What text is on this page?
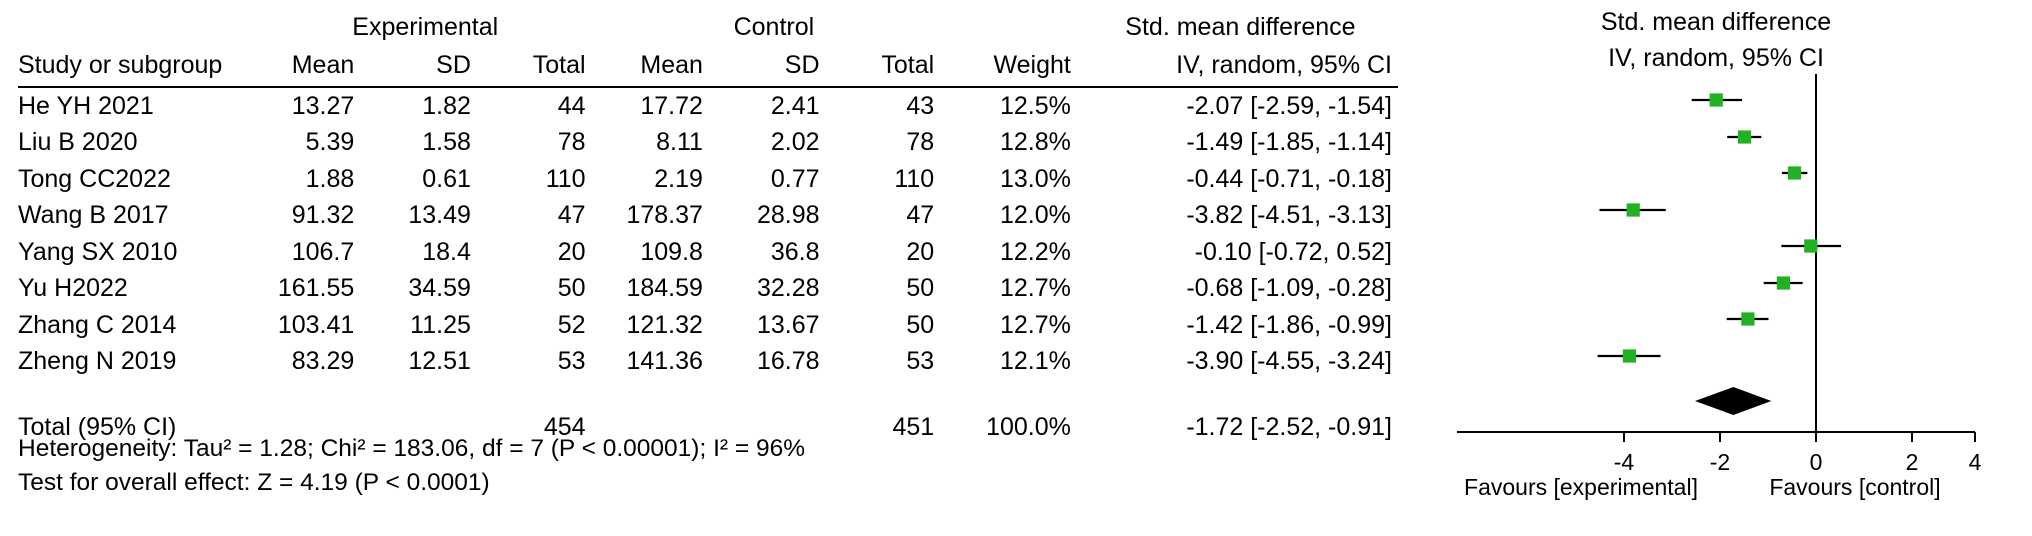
	Experimental			Control				Std. mean difference
Study or subgroup	Mean	SD	Total	Mean	SD	Total	Weight	IV, random, 95% CI

He YH 2021	13.27	1.82	44	17.72	2.41	43	12.5%	-2.07 [-2.59, -1.54]
Liu B 2020	5.39	1.58	78	8.11	2.02	78	12.8%	-1.49 [-1.85, -1.14]
Tong CC2022	1.88	0.61	110	2.19	0.77	110	13.0%	-0.44 [-0.71, -0.18]
Wang B 2017	91.32	13.49	47	178.37	28.98	47	12.0%	-3.82 [-4.51, -3.13]
Yang SX 2010	106.7	18.4	20	109.8	36.8	20	12.2%	-0.10 [-0.72, 0.52]
Yu H2022	161.55	34.59	50	184.59	32.28	50	12.7%	-0.68 [-1.09, -0.28]
Zhang C 2014	103.41	11.25	52	121.32	13.67	50	12.7%	-1.42 [-1.86, -0.99]
Zheng N 2019	83.29	12.51	53	141.36	16.78	53	12.1%	-3.90 [-4.55, -3.24]

Total (95% CI)			454			451	100.0%	-1.72 [-2.52, -0.91]
Heterogeneity: Tau² = 1.28; Chi² = 183.06, df = 7 (P < 0.00001); I² = 96%
Test for overall effect: Z = 4.19 (P < 0.0001)
Std. mean difference
IV, random, 95% CI
-4	-2	0	2 4
Favours [experimental]	Favours [control]
